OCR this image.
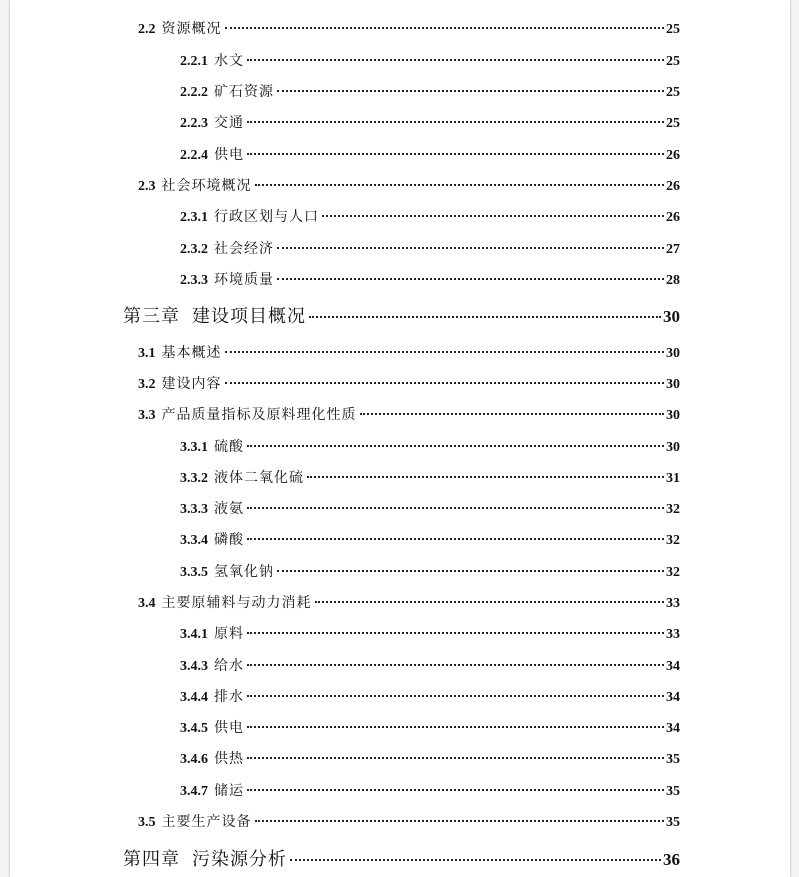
2.2 资源概况	25
2.2.1 水文	25
2.2.2 矿石资源	25
2.2.3 交通	25
2.2.4 供电	26
2.3 社会环境概况	26
2.3.1 行政区划与人口	26
2.3.2 社会经济	27
2.3.3 环境质量	28
第三章 建设项目概况	30
3.1 基本概述	30
3.2 建设内容	30
3.3 产品质量指标及原料理化性质	30
3.3.1 硫酸	30
3.3.2 液体二氧化硫	31
3.3.3 液氨	32
3.3.4 磷酸	32
3.3.5 氢氧化钠	32
3.4 主要原辅料与动力消耗	33
3.4.1 原料	33
3.4.3 给水	34
3.4.4 排水	34
3.4.5 供电	34
3.4.6 供热	35
3.4.7 储运	35
3.5 主要生产设备	35
第四章 污染源分析	36
